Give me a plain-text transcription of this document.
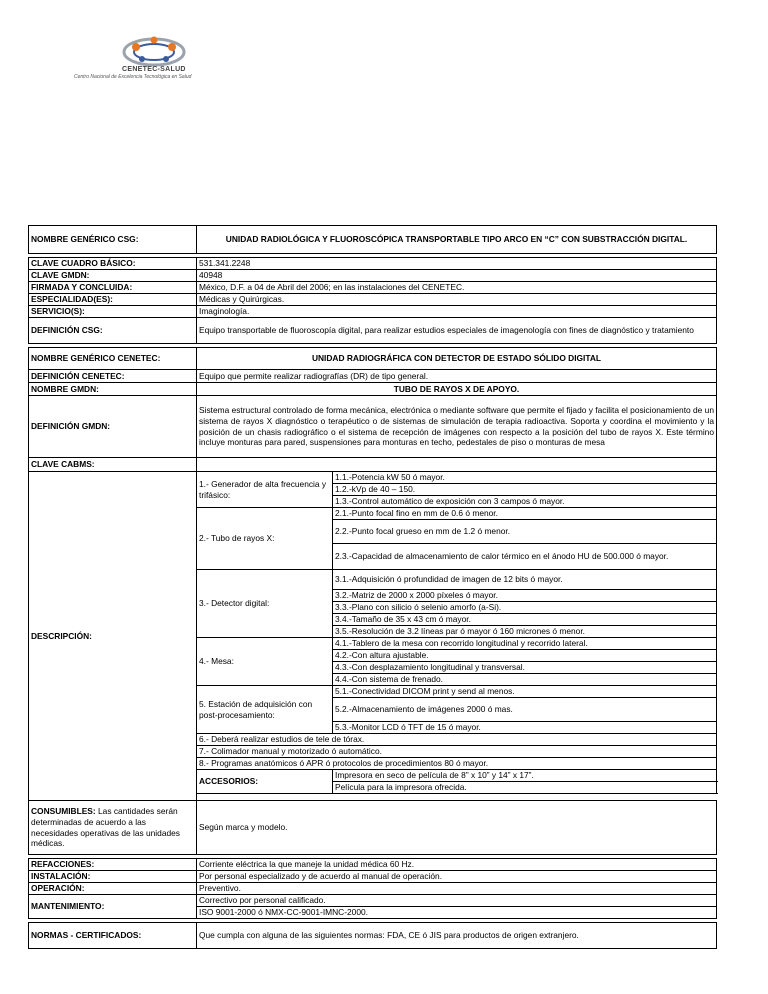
CENETEC-SALUD
Centro Nacional de Excelencia Tecnológica en Salud
NOMBRE GENÉRICO CSG:	UNIDAD RADIOLÓGICA Y FLUOROSCÓPICA TRANSPORTABLE TIPO ARCO EN “C” CON SUBSTRACCIÓN DIGITAL.	

CLAVE CUADRO BÁSICO:	531.341.2248	
CLAVE GMDN:	40948	
FIRMADA Y CONCLUIDA:	México, D.F. a 04 de Abril del 2006; en las instalaciones del CENETEC.	
ESPECIALIDAD(ES):	Médicas y Quirúrgicas.	
SERVICIO(S):	Imaginología.	
DEFINICIÓN CSG:	Equipo transportable de fluoroscopía digital, para realizar estudios especiales de imagenología con fines de diagnóstico y tratamiento	

NOMBRE GENÉRICO CENETEC:	UNIDAD RADIOGRÁFICA CON DETECTOR DE ESTADO SÓLIDO DIGITAL	
DEFINICIÓN CENETEC:	Equipo que permite realizar radiografías (DR) de tipo general.	
NOMBRE GMDN:	TUBO DE RAYOS X DE APOYO.	
DEFINICIÓN GMDN:	Sistema estructural controlado de forma mecánica, electrónica o mediante software que permite el fijado y facilita el posicionamiento de un sistema de rayos X diagnóstico o terapéutico o de sistemas de simulación de terapia radioactiva. Soporta y coordina el movimiento y la posición de un chasis radiográfico o el sistema de recepción de imágenes con respecto a la posición del tubo de rayos X. Este término incluye monturas para pared, suspensiones para monturas en techo, pedestales de piso o monturas de mesa	
CLAVE CABMS:		
DESCRIPCIÓN:	1.- Generador de alta frecuencia y trifásico:	1.1.-Potencia kW 50 ó mayor.
		1.2.-kVp de 40 – 150.
		1.3.-Control automático de exposición con 3 campos ó mayor.
	2.- Tubo de rayos X:	2.1.-Punto focal fino en mm de 0.6 ó menor.
		2.2.-Punto focal grueso en mm de 1.2 ó menor.
		2.3.-Capacidad de almacenamiento de calor térmico en el ánodo HU de 500.000 ó mayor.
	3.- Detector digital:	3.1.-Adquisición ó profundidad de imagen de 12 bits ó mayor.
		3.2.-Matriz de 2000 x 2000 píxeles ó mayor.
		3.3.-Plano con silicio ó selenio amorfo (a-Si).
		3.4.-Tamaño de 35 x 43 cm ó mayor.
		3.5.-Resolución de 3.2 líneas par ó mayor ó 160 micrones ó menor.
	4.- Mesa:	4.1.-Tablero de la mesa con recorrido longitudinal y recorrido lateral.
		4.2.-Con altura ajustable.
		4.3.-Con desplazamiento longitudinal y transversal.
		4.4.-Con sistema de frenado.
	5. Estación de adquisición con post-procesamiento:	5.1.-Conectividad DICOM print y send al menos.
		5.2.-Almacenamiento de imágenes 2000 ó mas.
		5.3.-Monitor LCD ó TFT de 15 ó mayor.
	6.- Deberá realizar estudios de tele de tórax.	
	7.- Colimador manual y motorizado ó automático.	
	8.- Programas anatómicos ó APR ó protocolos de procedimientos 80 ó mayor.	
	ACCESORIOS:	Impresora en seco de película de 8” x 10” y 14” x 17”.
		Película para la impresora ofrecida.

CONSUMIBLES: Las cantidades serán determinadas de acuerdo a las necesidades operativas de las unidades médicas.	Según marca y modelo.	

REFACCIONES:	Corriente eléctrica la que maneje la unidad médica 60 Hz.	
INSTALACIÓN:	Por personal especializado y de acuerdo al manual de operación.	
OPERACIÓN:	Preventivo.	
MANTENIMIENTO:	Correctivo por personal calificado.	
	ISO 9001-2000 ó NMX-CC-9001-IMNC-2000.	

NORMAS - CERTIFICADOS:	Que cumpla con alguna de las siguientes normas: FDA, CE ó JIS para productos de origen extranjero.	
